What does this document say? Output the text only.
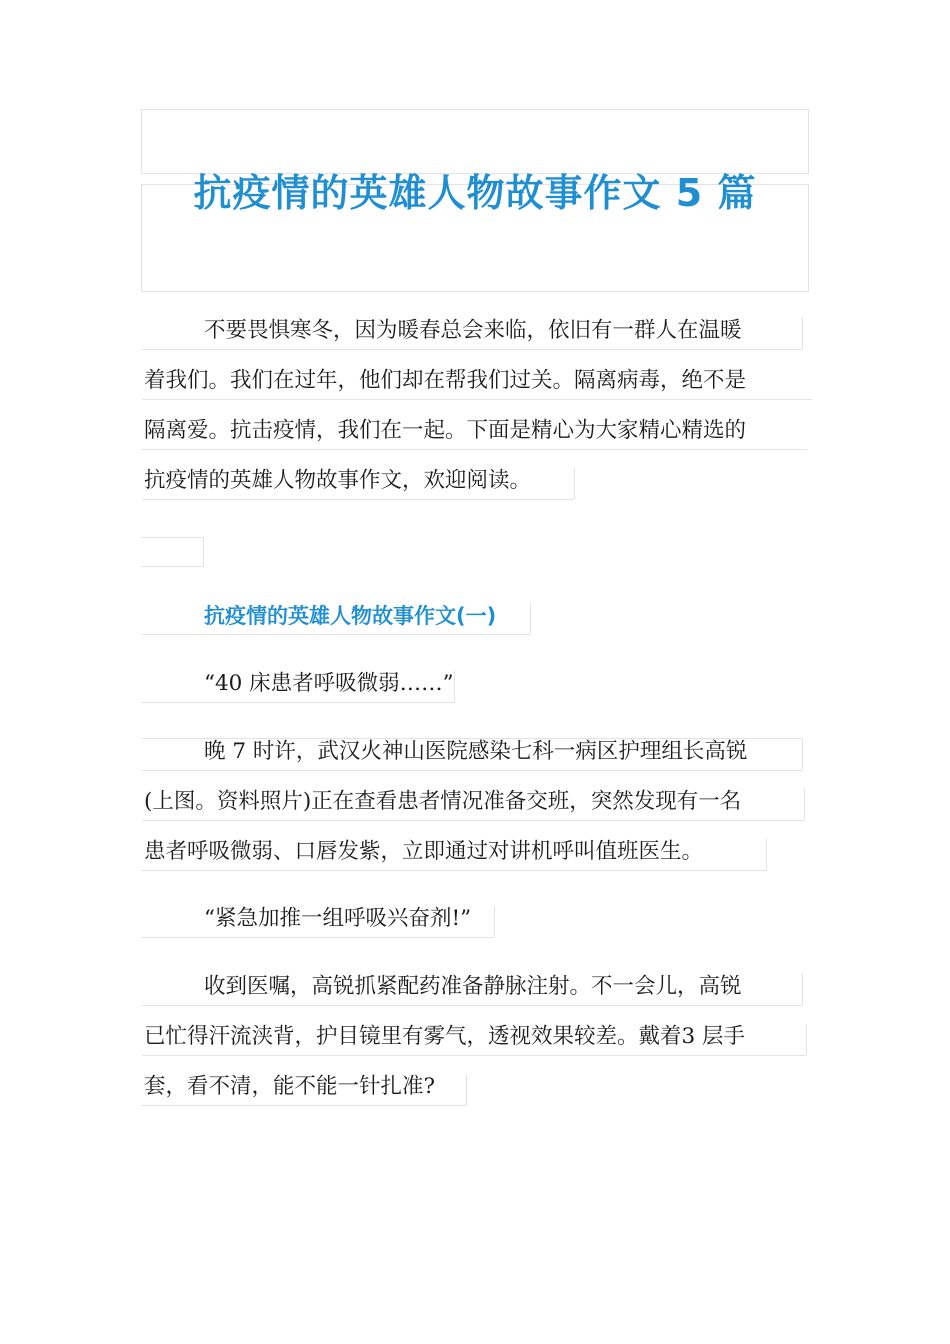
抗疫情的英雄人物故事作文 5 篇
不要畏惧寒冬，因为暖春总会来临，依旧有一群人在温暖
着我们。我们在过年，他们却在帮我们过关。隔离病毒，绝不是
隔离爱。抗击疫情，我们在一起。下面是精心为大家精心精选的
抗疫情的英雄人物故事作文，欢迎阅读。
抗疫情的英雄人物故事作文(一)
“40 床患者呼吸微弱……”
晚 7 时许，武汉火神山医院感染七科一病区护理组长高锐
(上图。资料照片)正在查看患者情况准备交班，突然发现有一名
患者呼吸微弱、口唇发紫，立即通过对讲机呼叫值班医生。
“紧急加推一组呼吸兴奋剂!”
收到医嘱，高锐抓紧配药准备静脉注射。不一会儿，高锐
已忙得汗流浃背，护目镜里有雾气，透视效果较差。戴着3 层手
套，看不清，能不能一针扎准?
